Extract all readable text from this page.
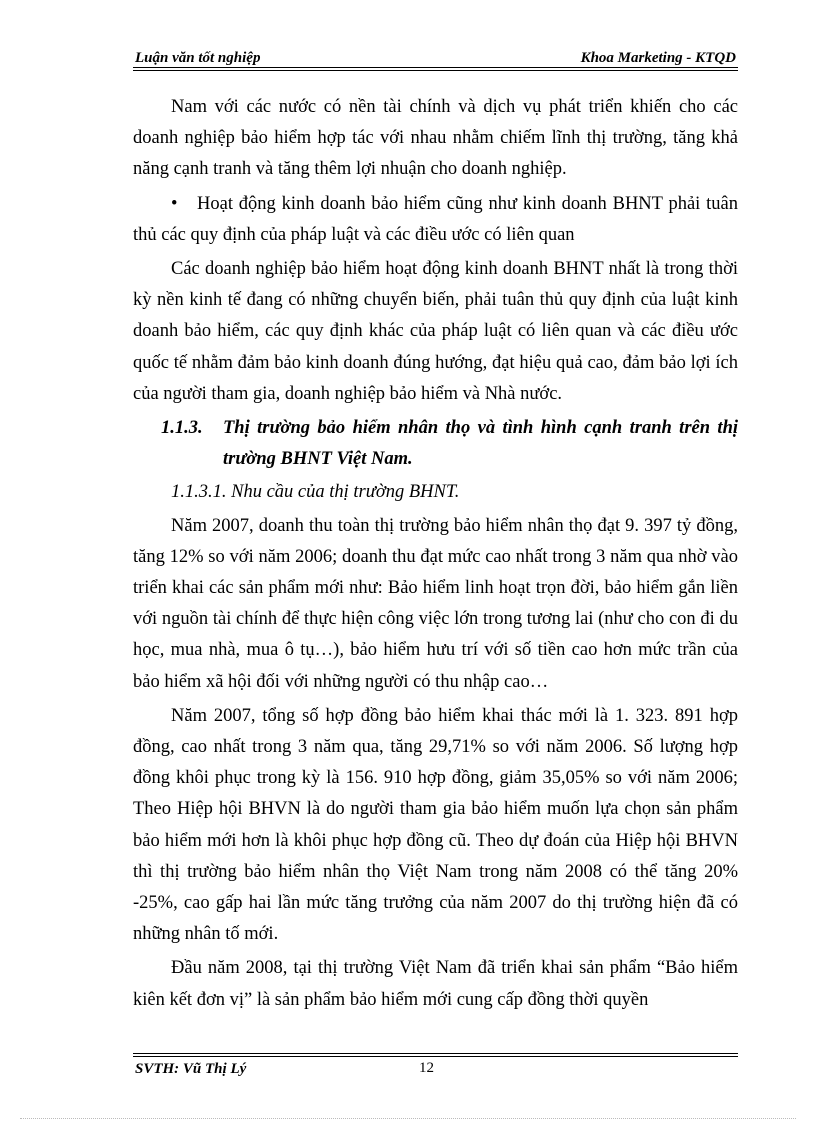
Luận văn tốt nghiệp	Khoa Marketing - KTQD

Nam với các nước có nền tài chính và dịch vụ phát triển khiến cho các doanh nghiệp bảo hiểm hợp tác với nhau nhằm chiếm lĩnh thị trường, tăng khả năng cạnh tranh và tăng thêm lợi nhuận cho doanh nghiệp.

• Hoạt động kinh doanh bảo hiểm cũng như kinh doanh BHNT phải tuân thủ các quy định của pháp luật và các điều ước có liên quan

Các doanh nghiệp bảo hiểm hoạt động kinh doanh BHNT nhất là trong thời kỳ nền kinh tế đang có những chuyển biến, phải tuân thủ quy định của luật kinh doanh bảo hiểm, các quy định khác của pháp luật có liên quan và các điều ước quốc tế nhằm đảm bảo kinh doanh đúng hướng, đạt hiệu quả cao, đảm bảo lợi ích của người tham gia, doanh nghiệp bảo hiểm và Nhà nước.

1.1.3.	Thị trường bảo hiểm nhân thọ và tình hình cạnh tranh trên thị trường BHNT Việt Nam.

1.1.3.1. Nhu cầu của thị trường BHNT.

Năm 2007, doanh thu toàn thị trường bảo hiểm nhân thọ đạt 9. 397 tỷ đồng, tăng 12% so với năm 2006; doanh thu đạt mức cao nhất trong 3 năm qua nhờ vào triển khai các sản phẩm mới như: Bảo hiểm linh hoạt trọn đời, bảo hiểm gắn liền với nguồn tài chính để thực hiện công việc lớn trong tương lai (như cho con đi du học, mua nhà, mua ô tụ…), bảo hiểm hưu trí với số tiền cao hơn mức trần của bảo hiểm xã hội đối với những người có thu nhập cao…

Năm 2007, tổng số hợp đồng bảo hiểm khai thác mới là 1. 323. 891 hợp đồng, cao nhất trong 3 năm qua, tăng 29,71% so với năm 2006. Số lượng hợp đồng khôi phục trong kỳ là 156. 910 hợp đồng, giảm 35,05% so với năm 2006; Theo Hiệp hội BHVN là do người tham gia bảo hiểm muốn lựa chọn sản phẩm bảo hiểm mới hơn là khôi phục hợp đồng cũ. Theo dự đoán của Hiệp hội BHVN thì thị trường bảo hiểm nhân thọ Việt Nam trong năm 2008 có thể tăng 20% -25%, cao gấp hai lần mức tăng trưởng của năm 2007 do thị trường hiện đã có những nhân tố mới.

Đầu năm 2008, tại thị trường Việt Nam đã triển khai sản phẩm “Bảo hiểm kiên kết đơn vị” là sản phẩm bảo hiểm mới cung cấp đồng thời quyền

SVTH: Vũ Thị Lý	12
